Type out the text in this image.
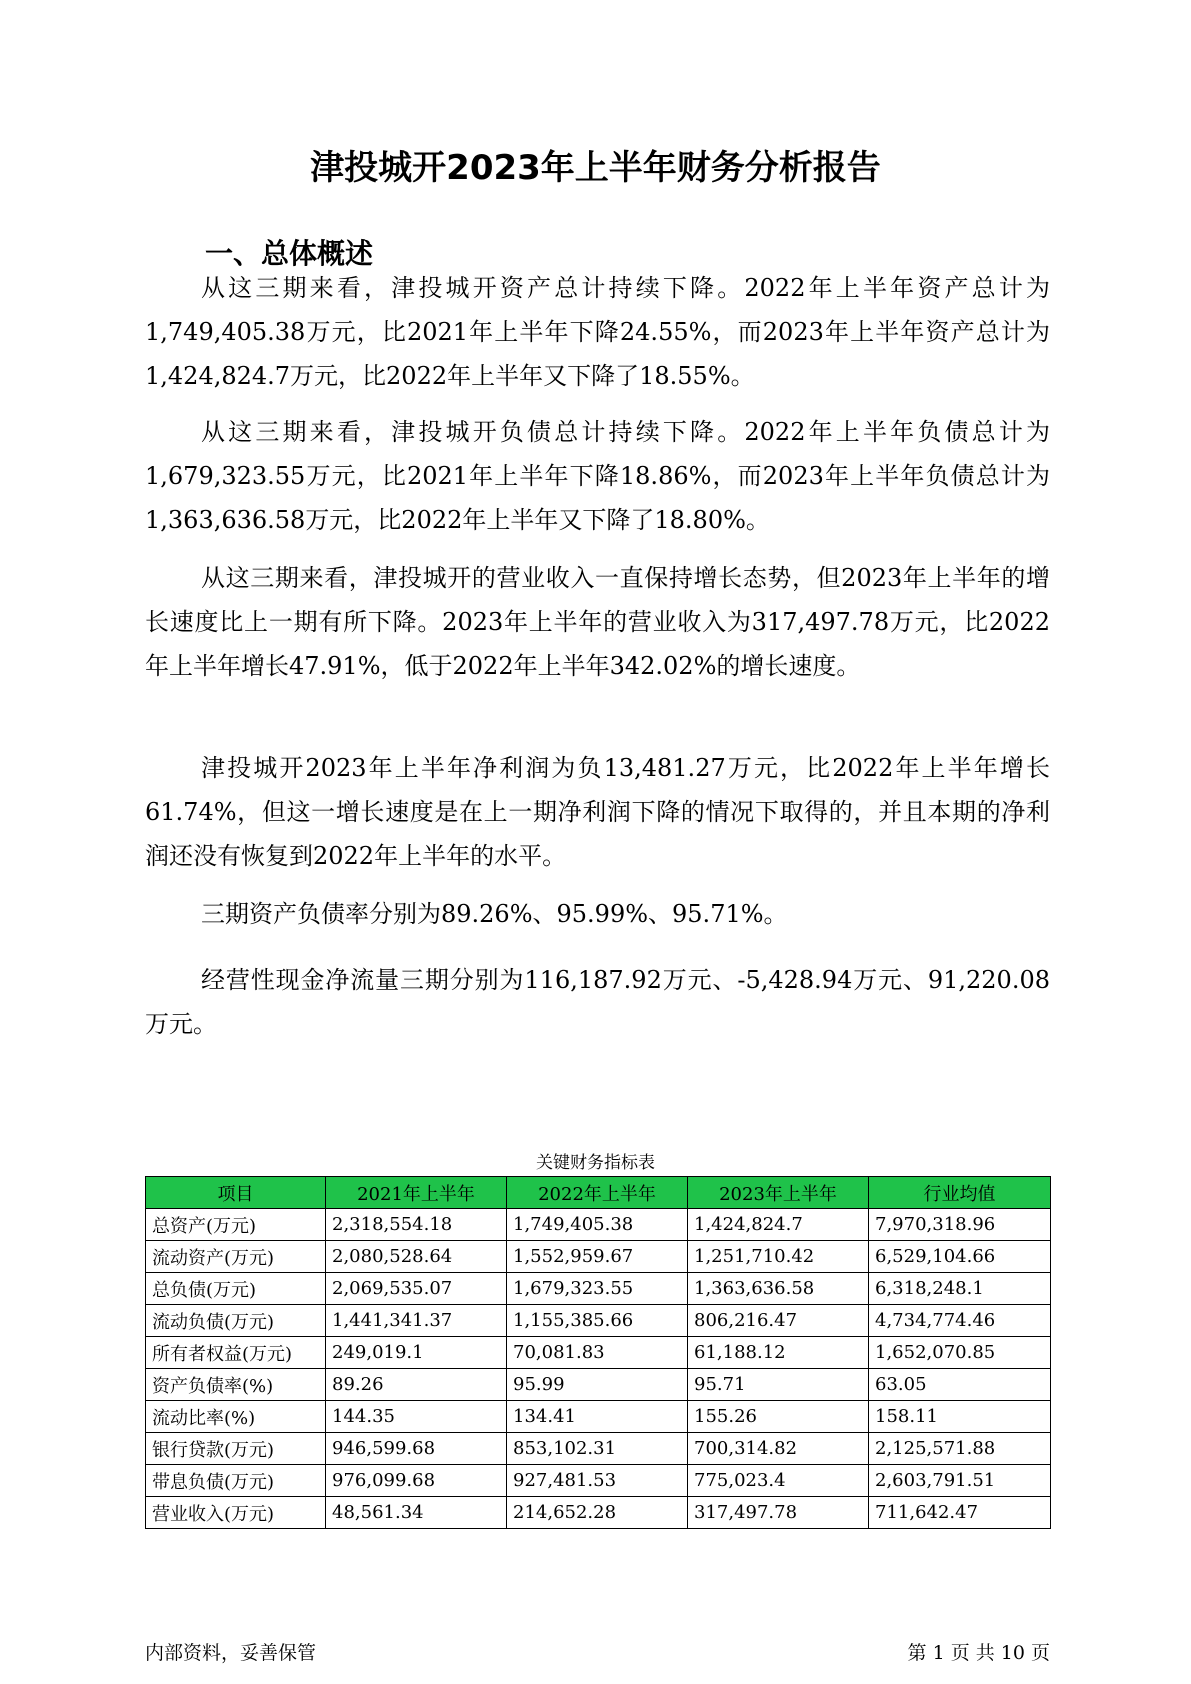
津投城开2023年上半年财务分析报告
一、总体概述

从这三期来看，津投城开资产总计持续下降。2022年上半年资产总计为1,749,405.38万元，比2021年上半年下降24.55%，而2023年上半年资产总计为1,424,824.7万元，比2022年上半年又下降了18.55%。

从这三期来看，津投城开负债总计持续下降。2022年上半年负债总计为1,679,323.55万元，比2021年上半年下降18.86%，而2023年上半年负债总计为1,363,636.58万元，比2022年上半年又下降了18.80%。

从这三期来看，津投城开的营业收入一直保持增长态势，但2023年上半年的增长速度比上一期有所下降。2023年上半年的营业收入为317,497.78万元，比2022年上半年增长47.91%，低于2022年上半年342.02%的增长速度。

津投城开2023年上半年净利润为负13,481.27万元，比2022年上半年增长61.74%，但这一增长速度是在上一期净利润下降的情况下取得的，并且本期的净利润还没有恢复到2022年上半年的水平。

三期资产负债率分别为89.26%、95.99%、95.71%。

经营性现金净流量三期分别为116,187.92万元、-5,428.94万元、91,220.08万元。

关键财务指标表
项目	2021年上半年	2022年上半年	2023年上半年	行业均值
总资产(万元)	2,318,554.18	1,749,405.38	1,424,824.7	7,970,318.96
流动资产(万元)	2,080,528.64	1,552,959.67	1,251,710.42	6,529,104.66
总负债(万元)	2,069,535.07	1,679,323.55	1,363,636.58	6,318,248.1
流动负债(万元)	1,441,341.37	1,155,385.66	806,216.47	4,734,774.46
所有者权益(万元)	249,019.1	70,081.83	61,188.12	1,652,070.85
资产负债率(%)	89.26	95.99	95.71	63.05
流动比率(%)	144.35	134.41	155.26	158.11
银行贷款(万元)	946,599.68	853,102.31	700,314.82	2,125,571.88
带息负债(万元)	976,099.68	927,481.53	775,023.4	2,603,791.51
营业收入(万元)	48,561.34	214,652.28	317,497.78	711,642.47
内部资料，妥善保管	第 1 页 共 10 页
